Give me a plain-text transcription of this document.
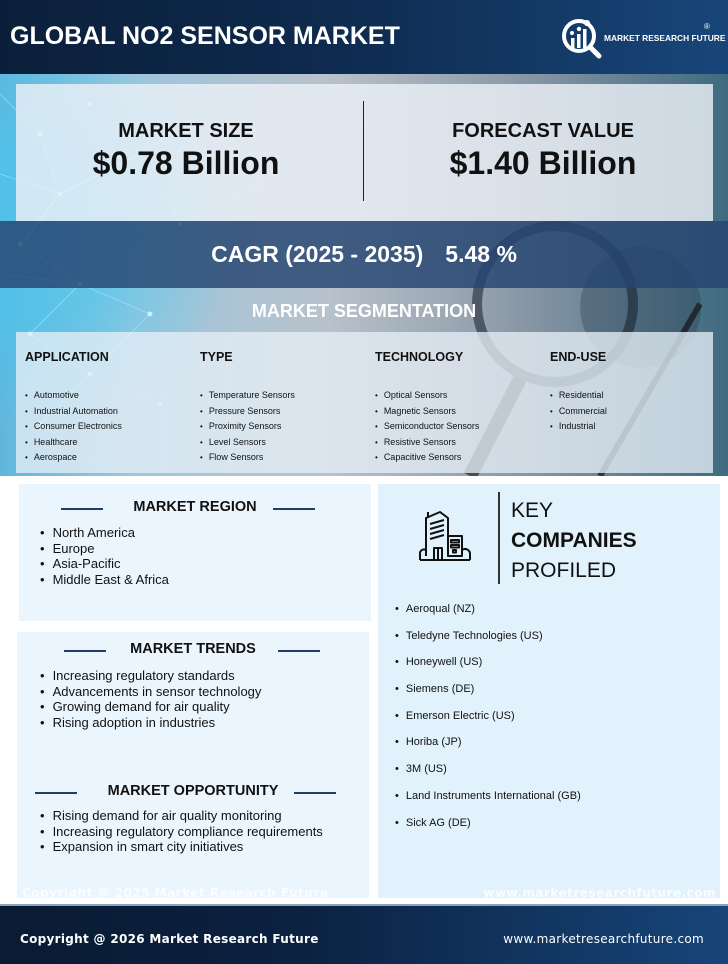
GLOBAL NO2 SENSOR MARKET	MARKET RESEARCH FUTURE
®
MARKET SIZE
$0.78 Billion
FORECAST VALUE
$1.40 Billion
CAGR (2025 - 2035) 5.48 %
MARKET SEGMENTATION
APPLICATION
• Automotive
• Industrial Automation
• Consumer Electronics
• Healthcare
• Aerospace
TYPE
• Temperature Sensors
• Pressure Sensors
• Proximity Sensors
• Level Sensors
• Flow Sensors
TECHNOLOGY
• Optical Sensors
• Magnetic Sensors
• Semiconductor Sensors
• Resistive Sensors
• Capacitive Sensors
END-USE
• Residential
• Commercial
• Industrial
MARKET REGION
• North America
• Europe
• Asia-Pacific
• Middle East & Africa
MARKET TRENDS
• Increasing regulatory standards
• Advancements in sensor technology
• Growing demand for air quality
• Rising adoption in industries
MARKET OPPORTUNITY
• Rising demand for air quality monitoring
• Increasing regulatory compliance requirements
• Expansion in smart city initiatives
KEY
COMPANIES
PROFILED
• Aeroqual (NZ)
• Teledyne Technologies (US)
• Honeywell (US)
• Siemens (DE)
• Emerson Electric (US)
• Horiba (JP)
• 3M (US)
• Land Instruments International (GB)
• Sick AG (DE)
Copyright @ 2025 Market Research Future	www.marketresearchfuture.com
Copyright @ 2026 Market Research Future	www.marketresearchfuture.com
